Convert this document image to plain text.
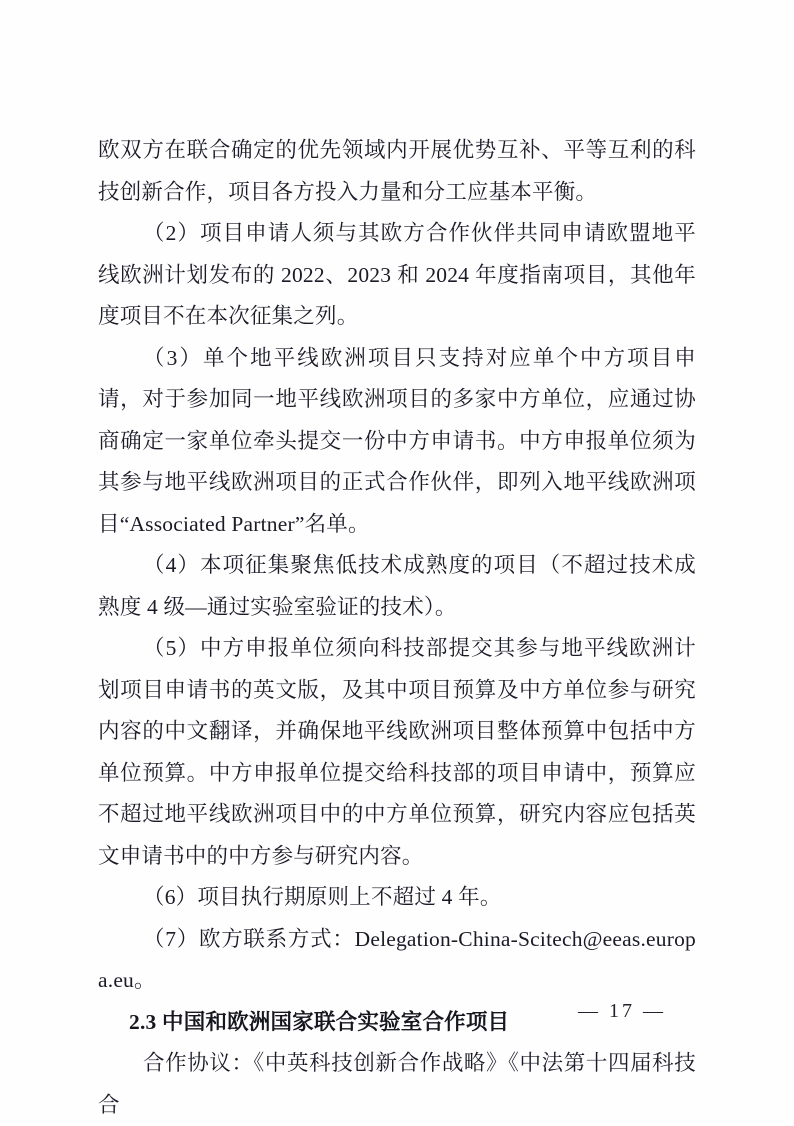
欧双方在联合确定的优先领域内开展优势互补、平等互利的科技创新合作，项目各方投入力量和分工应基本平衡。

（2）项目申请人须与其欧方合作伙伴共同申请欧盟地平线欧洲计划发布的 2022、2023 和 2024 年度指南项目，其他年度项目不在本次征集之列。

（3）单个地平线欧洲项目只支持对应单个中方项目申请，对于参加同一地平线欧洲项目的多家中方单位，应通过协商确定一家单位牵头提交一份中方申请书。中方申报单位须为其参与地平线欧洲项目的正式合作伙伴，即列入地平线欧洲项目“Associated Partner”名单。

（4）本项征集聚焦低技术成熟度的项目（不超过技术成熟度 4 级—通过实验室验证的技术）。

（5）中方申报单位须向科技部提交其参与地平线欧洲计划项目申请书的英文版，及其中项目预算及中方单位参与研究内容的中文翻译，并确保地平线欧洲项目整体预算中包括中方单位预算。中方申报单位提交给科技部的项目申请中，预算应不超过地平线欧洲项目中的中方单位预算，研究内容应包括英文申请书中的中方参与研究内容。

（6）项目执行期原则上不超过 4 年。

（7）欧方联系方式：Delegation-China-Scitech@eeas.europa.eu。

2.3 中国和欧洲国家联合实验室合作项目

合作协议：《中英科技创新合作战略》《中法第十四届科技合

— 17 —
